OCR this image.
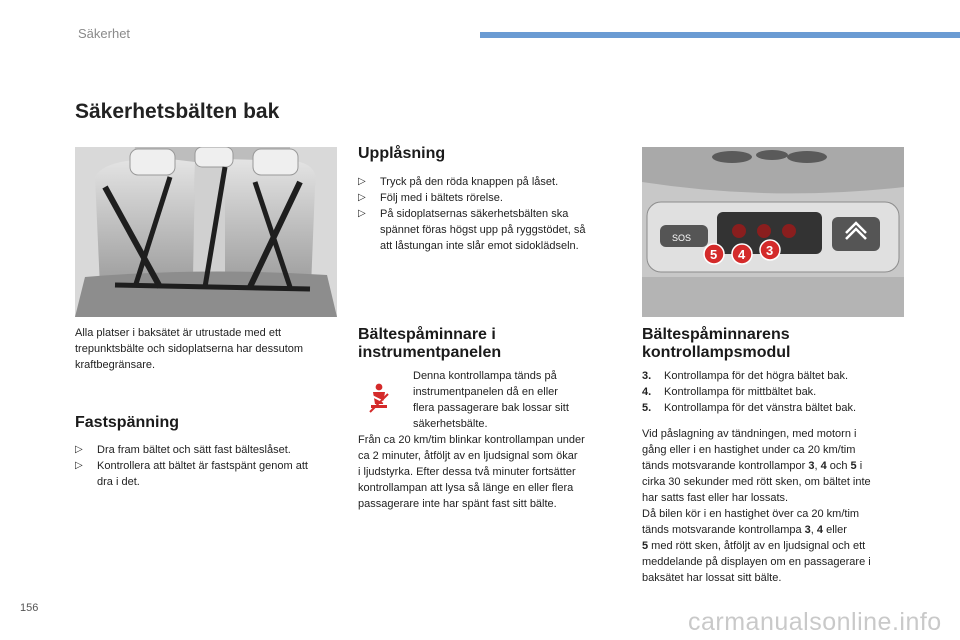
Säkerhet
Säkerhetsbälten bak
Alla platser i baksätet är utrustade med ett
trepunktsbälte och sidoplatserna har dessutom
kraftbegränsare.
Fastspänning
▷ Dra fram bältet och sätt fast bälteslåset.
▷ Kontrollera att bältet är fastspänt genom att
dra i det.
Upplåsning
▷ Tryck på den röda knappen på låset.
▷ Följ med i bältets rörelse.
▷ På sidoplatsernas säkerhetsbälten ska
spännet föras högst upp på ryggstödet, så
att låstungan inte slår emot sidoklädseln.
Bältespåminnare i
instrumentpanelen
Denna kontrollampa tänds på
instrumentpanelen då en eller
flera passagerare bak lossar sitt
säkerhetsbälte.
Från ca 20 km/tim blinkar kontrollampan under
ca 2 minuter, åtföljt av en ljudsignal som ökar
i ljudstyrka. Efter dessa två minuter fortsätter
kontrollampan att lysa så länge en eller flera
passagerare inte har spänt fast sitt bälte.
SOS
5 4 3
Bältespåminnarens
kontrollampsmodul
3. Kontrollampa för det högra bältet bak.
4. Kontrollampa för mittbältet bak.
5. Kontrollampa för det vänstra bältet bak.
Vid påslagning av tändningen, med motorn i
gång eller i en hastighet under ca 20 km/tim
tänds motsvarande kontrollampor 3, 4 och 5 i
cirka 30 sekunder med rött sken, om bältet inte
har satts fast eller har lossats.
Då bilen kör i en hastighet över ca 20 km/tim
tänds motsvarande kontrollampa 3, 4 eller
5 med rött sken, åtföljt av en ljudsignal och ett
meddelande på displayen om en passagerare i
baksätet har lossat sitt bälte.
156	carmanualsonline.info
